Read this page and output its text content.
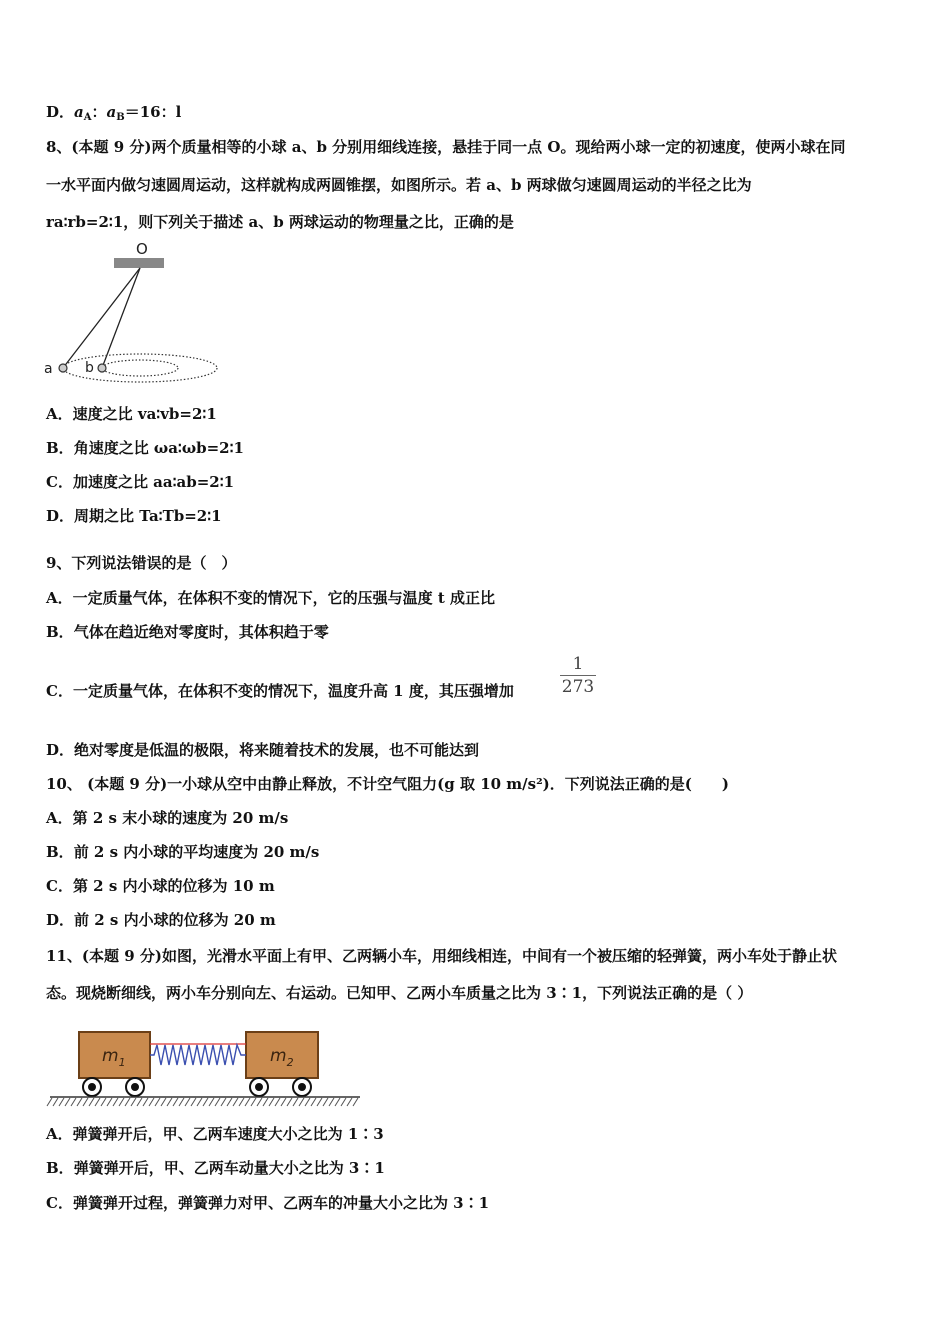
D．$a_A$：$a_B=16$：l
8、(本题 9 分)两个质量相等的小球 a、b 分别用细线连接，悬挂于同一点 O。现给两小球一定的初速度，使两小球在同
一水平面内做匀速圆周运动，这样就构成两圆锥摆，如图所示。若 a、b 两球做匀速圆周运动的半径之比为
ra∶rb=2∶1，则下列关于描述 a、b 两球运动的物理量之比，正确的是
O
a b
A．速度之比 va∶vb=2∶1
B．角速度之比 ωa∶ωb=2∶1
C．加速度之比 aa∶ab=2∶1
D．周期之比 Ta∶Tb=2∶1
9、下列说法错误的是（　）
A．一定质量气体，在体积不变的情况下，它的压强与温度 t 成正比
B．气体在趋近绝对零度时，其体积趋于零
C．一定质量气体，在体积不变的情况下，温度升高 1 度，其压强增加
1
273
D．绝对零度是低温的极限，将来随着技术的发展，也不可能达到
10、 (本题 9 分)一小球从空中由静止释放，不计空气阻力(g 取 10 m/s²)．下列说法正确的是(　　)
A．第 2 s 末小球的速度为 20 m/s
B．前 2 s 内小球的平均速度为 20 m/s
C．第 2 s 内小球的位移为 10 m
D．前 2 s 内小球的位移为 20 m
11、(本题 9 分)如图，光滑水平面上有甲、乙两辆小车，用细线相连，中间有一个被压缩的轻弹簧，两小车处于静止状
态。现烧断细线，两小车分别向左、右运动。已知甲、乙两小车质量之比为 3∶1，下列说法正确的是（ ）
$m_1$	$m_2$
A．弹簧弹开后，甲、乙两车速度大小之比为 1∶3
B．弹簧弹开后，甲、乙两车动量大小之比为 3∶1
C．弹簧弹开过程，弹簧弹力对甲、乙两车的冲量大小之比为 3∶1
